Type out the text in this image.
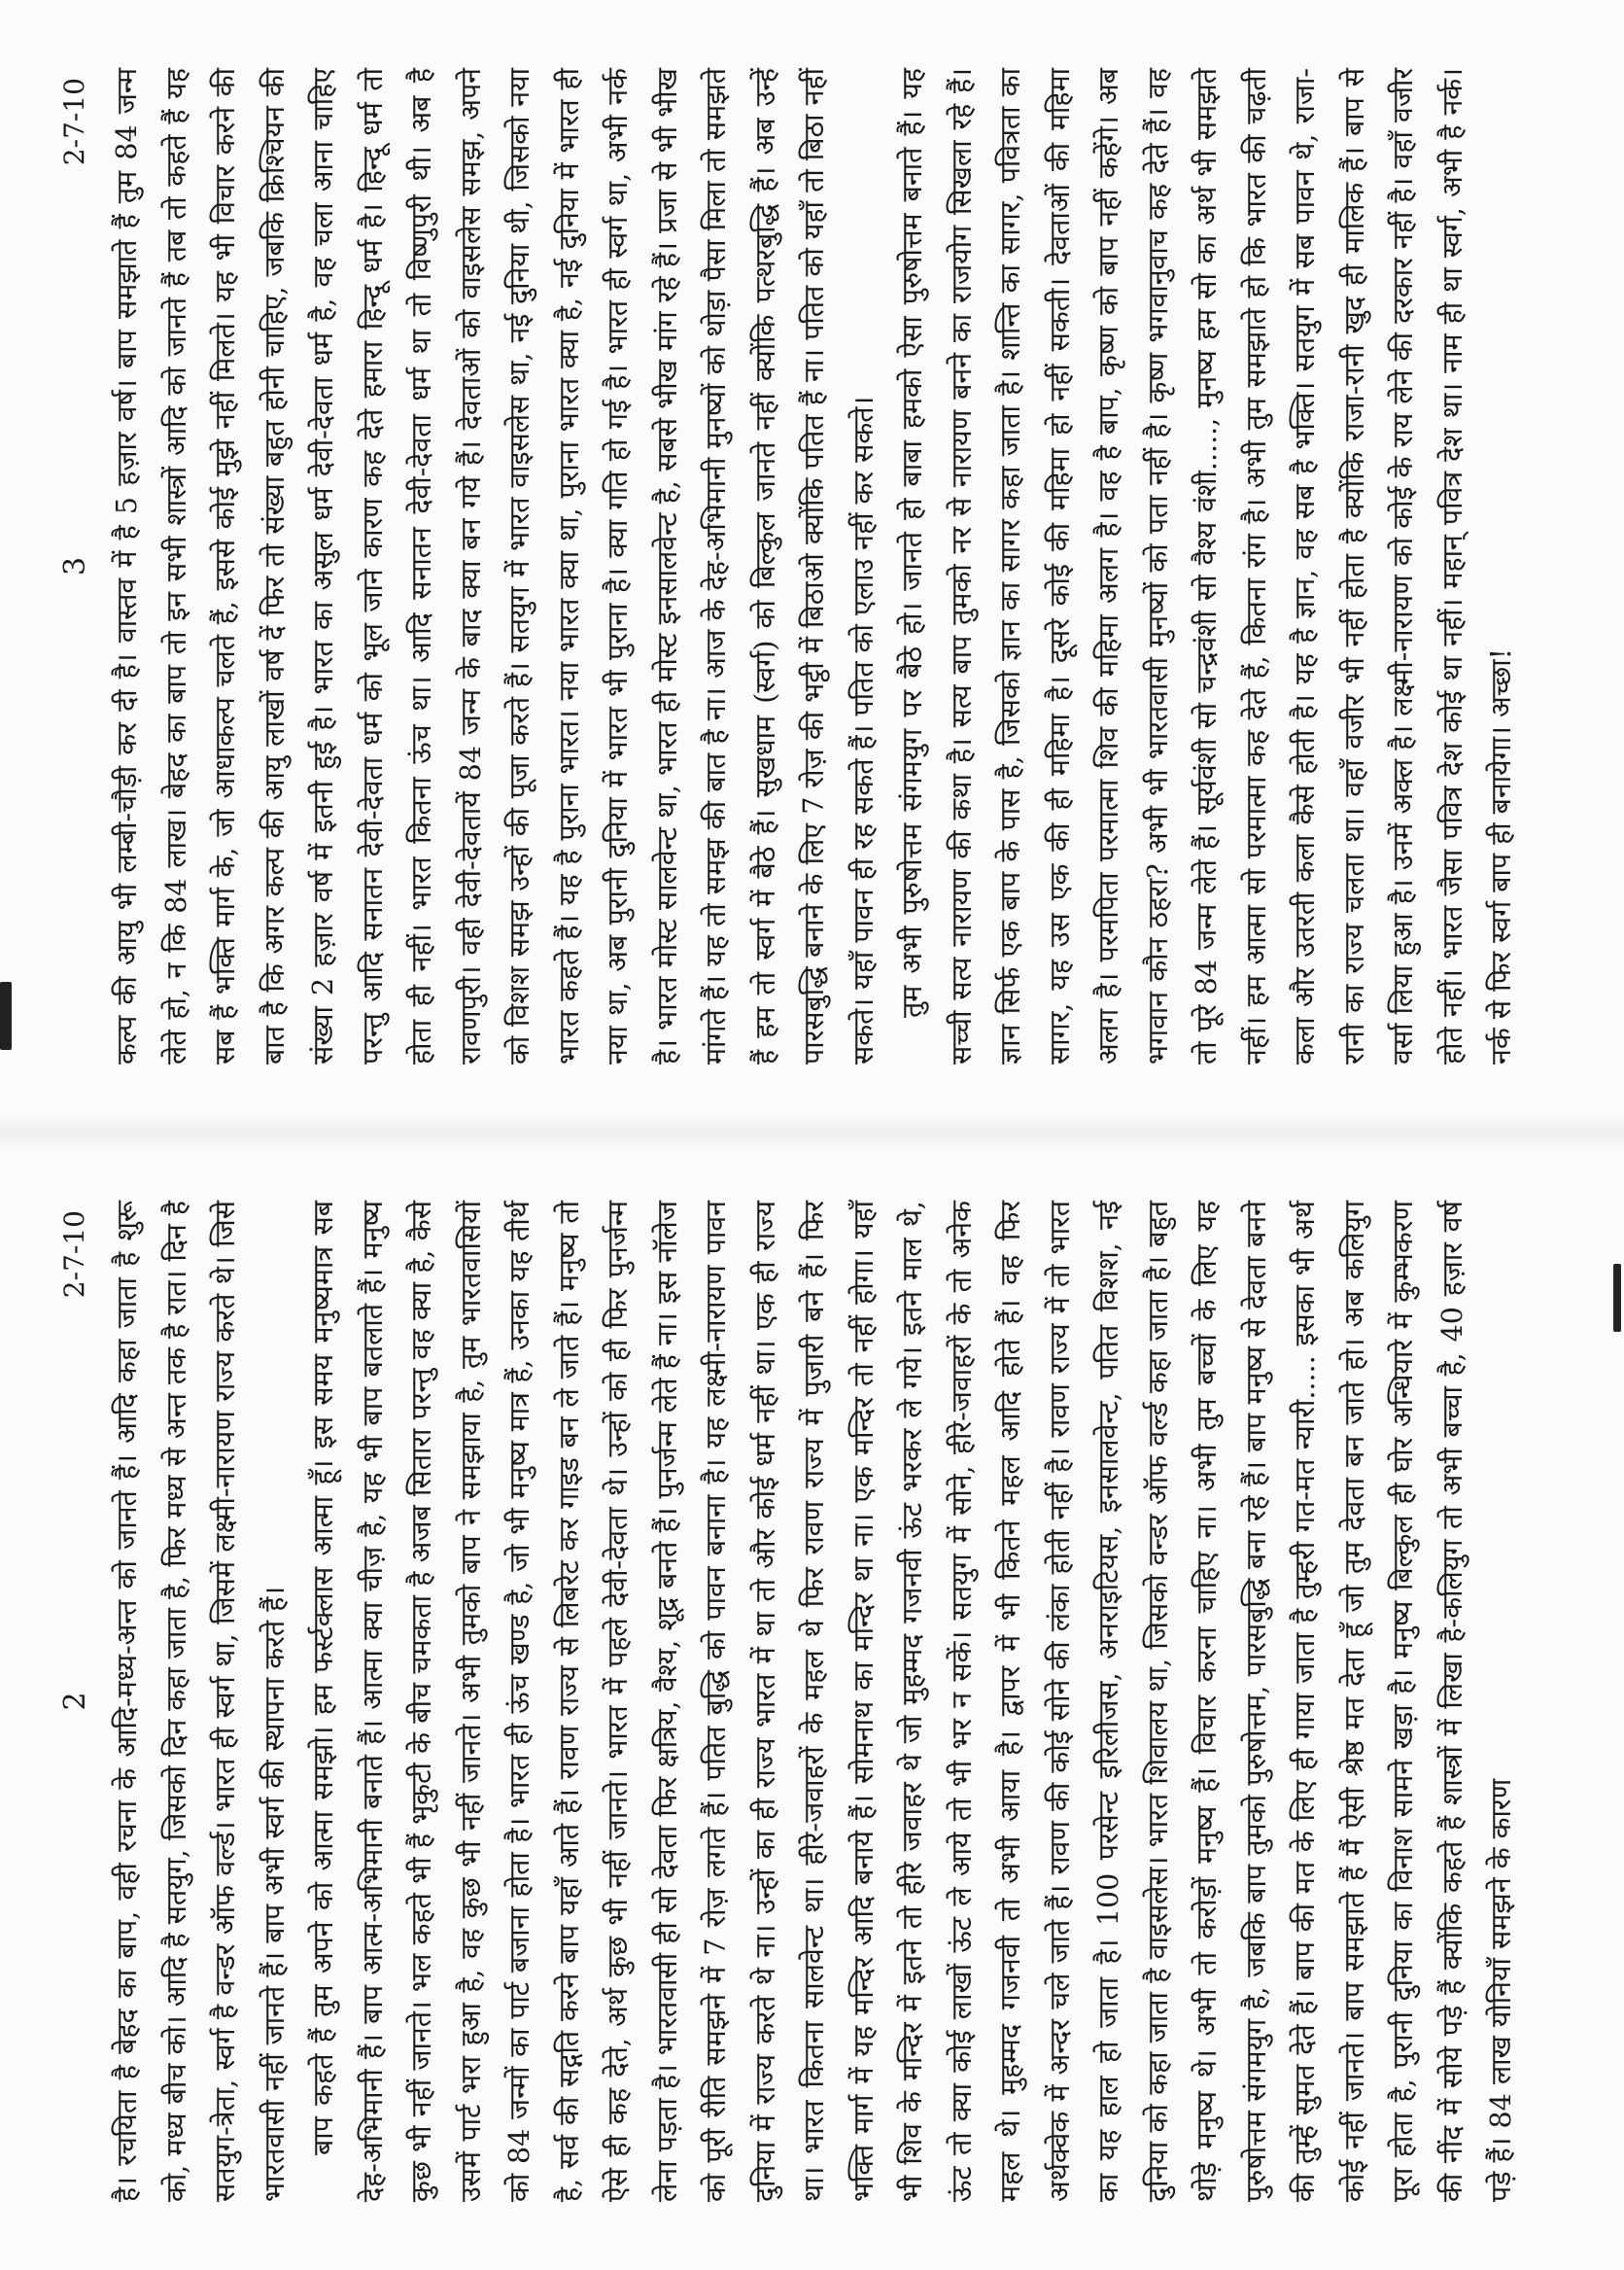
2
2-7-10 है। रचयिता है बेहद का बाप, वही रचना के आदि-मध्य-अन्त को जानते हैं। आदि कहा जाता है शुरू को, मध्य बीच को। आदि है सतयुग, जिसको दिन कहा जाता है, फिर मध्य से अन्त तक है रात। दिन है सतयुग-त्रेता, स्वर्ग है वन्डर ऑफ वर्ल्ड। भारत ही स्वर्ग था, जिसमें लक्ष्मी-नारायण राज्य करते थे। जिसे भारतवासी नहीं जानते हैं। बाप अभी स्वर्ग की स्थापना करते हैं। बाप कहते हैं तुम अपने को आत्मा समझो। हम फर्स्टक्लास आत्मा हूँ। इस समय मनुष्यमात्र सब देह-अभिमानी हैं। बाप आत्म-अभिमानी बनाते हैं। आत्मा क्या चीज़ है, यह भी बाप बतलाते हैं। मनुष्य कुछ भी नहीं जानते। भल कहते भी हैं भृकुटी के बीच चमकता है अजब सितारा परन्तु वह क्या है, कैसे उसमें पार्ट भरा हुआ है, वह कुछ भी नहीं जानते। अभी तुमको बाप ने समझाया है, तुम भारतवासियों को 84 जन्मों का पार्ट बजाना होता है। भारत ही ऊंच खण्ड है, जो भी मनुष्य मात्र हैं, उनका यह तीर्थ है, सर्व की सद्गति करने बाप यहाँ आते हैं। रावण राज्य से लिबरेट कर गाइड बन ले जाते हैं। मनुष्य तो ऐसे ही कह देते, अर्थ कुछ भी नहीं जानते। भारत में पहले देवी-देवता थे। उन्हों को ही फिर पुनर्जन्म लेना पड़ता है। भारतवासी ही सो देवता फिर क्षत्रिय, वैश्य, शूद्र बनते हैं। पुनर्जन्म लेते हैं ना। इस नॉलेज को पूरी रीति समझने में 7 रोज़ लगते हैं। पतित बुद्धि को पावन बनाना है। यह लक्ष्मी-नारायण पावन दुनिया में राज्य करते थे ना। उन्हों का ही राज्य भारत में था तो और कोई धर्म नहीं था। एक ही राज्य था। भारत कितना सालवेन्ट था। हीरे-जवाहरों के महल थे फिर रावण राज्य में पुजारी बने हैं। फिर भक्ति मार्ग में यह मन्दिर आदि बनाये हैं। सोमनाथ का मन्दिर था ना। एक मन्दिर तो नहीं होगा। यहाँ भी शिव के मन्दिर में इतने तो हीरे जवाहर थे जो मुहम्मद गजनवी ऊंट भरकर ले गये। इतने माल थे, ऊंट तो क्या कोई लाखों ऊंट ले आये तो भी भर न सकें। सतयुग में सोने, हीरे-जवाहरों के तो अनेक महल थे। मुहम्मद गजनवी तो अभी आया है। द्वापर में भी कितने महल आदि होते हैं। वह फिर अर्थक्वेक में अन्दर चले जाते हैं। रावण की कोई सोने की लंका होती नहीं है। रावण राज्य में तो भारत का यह हाल हो जाता है। 100 परसेन्ट इरिलीजस, अनराइटियस, इनसालवेन्ट, पतित विशश, नई दुनिया को कहा जाता है वाइसलेस। भारत शिवालय था, जिसको वन्डर ऑफ वर्ल्ड कहा जाता है। बहुत थोड़े मनुष्य थे। अभी तो करोड़ों मनुष्य हैं। विचार करना चाहिए ना। अभी तुम बच्चों के लिए यह पुरुषोत्तम संगमयुग है, जबकि बाप तुमको पुरुषोत्तम, पारसबुद्धि बना रहे हैं। बाप मनुष्य से देवता बनने की तुम्हें सुमत देते हैं। बाप की मत के लिए ही गाया जाता है तुम्हरी गत-मत न्यारी..... इसका भी अर्थ कोई नहीं जानते। बाप समझाते हैं मैं ऐसी श्रेष्ठ मत देता हूँ जो तुम देवता बन जाते हो। अब कलियुग पूरा होता है, पुरानी दुनिया का विनाश सामने खड़ा है। मनुष्य बिल्कुल ही घोर अन्धियारे में कुम्भकरण की नींद में सोये पड़े हैं क्योंकि कहते हैं शास्त्रों में लिखा है-कलियुग तो अभी बच्चा है, 40 हज़ार वर्ष पड़े हैं। 84 लाख योनियाँ समझने के कारण

3
2-7-10 कल्प की आयु भी लम्बी-चौड़ी कर दी है। वास्तव में है 5 हज़ार वर्ष। बाप समझाते हैं तुम 84 जन्म लेते हो, न कि 84 लाख। बेहद का बाप तो इन सभी शास्त्रों आदि को जानते हैं तब तो कहते हैं यह सब हैं भक्ति मार्ग के, जो आधाकल्प चलते हैं, इससे कोई मुझे नहीं मिलते। यह भी विचार करने की बात है कि अगर कल्प की आयु लाखों वर्ष दें फिर तो संख्या बहुत होनी चाहिए, जबकि क्रिश्चियन की संख्या 2 हज़ार वर्ष में इतनी हुई है। भारत का असुल धर्म देवी-देवता धर्म है, वह चला आना चाहिए परन्तु आदि सनातन देवी-देवता धर्म को भूल जाने कारण कह देते हमारा हिन्दू धर्म है। हिन्दू धर्म तो होता ही नहीं। भारत कितना ऊंच था। आदि सनातन देवी-देवता धर्म था तो विष्णुपुरी थी। अब है रावणपुरी। वही देवी-देवतायें 84 जन्म के बाद क्या बन गये हैं। देवताओं को वाइसलेस समझ, अपने को विशश समझ उन्हों की पूजा करते हैं। सतयुग में भारत वाइसलेस था, नई दुनिया थी, जिसको नया भारत कहते हैं। यह है पुराना भारत। नया भारत क्या था, पुराना भारत क्या है, नई दुनिया में भारत ही नया था, अब पुरानी दुनिया में भारत भी पुराना है। क्या गति हो गई है। भारत ही स्वर्ग था, अभी नर्क है। भारत मोस्ट सालवेन्ट था, भारत ही मोस्ट इनसालवेन्ट है, सबसे भीख मांग रहे हैं। प्रजा से भी भीख मांगते हैं। यह तो समझ की बात है ना। आज के देह-अभिमानी मुनष्यों को थोड़ा पैसा मिला तो समझते हैं हम तो स्वर्ग में बैठे हैं। सुखधाम (स्वर्ग) को बिल्कुल जानते नहीं क्योंकि पत्थरबुद्धि हैं। अब उन्हें पारसबुद्धि बनाने के लिए 7 रोज़ की भट्ठी में बिठाओ क्योंकि पतित हैं ना। पतित को यहाँ तो बिठा नहीं सकते। यहाँ पावन ही रह सकते हैं। पतित को एलाउ नहीं कर सकते। तुम अभी पुरुषोत्तम संगमयुग पर बैठे हो। जानते हो बाबा हमको ऐसा पुरुषोत्तम बनाते हैं। यह सच्ची सत्य नारायण की कथा है। सत्य बाप तुमको नर से नारायण बनने का राजयोग सिखला रहे हैं। ज्ञान सिर्फ एक बाप के पास है, जिसको ज्ञान का सागर कहा जाता है। शान्ति का सागर, पवित्रता का सागर, यह उस एक की ही महिमा है। दूसरे कोई की महिमा हो नहीं सकती। देवताओं की महिमा अलग है। परमपिता परमात्मा शिव की महिमा अलग है। वह है बाप, कृष्ण को बाप नहीं कहेंगे। अब भगवान कौन ठहरा? अभी भी भारतवासी मुनष्यों को पता नहीं है। कृष्ण भगवानुवाच कह देते हैं। वह तो पूरे 84 जन्म लेते हैं। सूर्यवंशी सो चन्द्रवंशी सो वैश्य वंशी....., मुनष्य हम सो का अर्थ भी समझते नहीं। हम आत्मा सो परमात्मा कह देते हैं, कितना रांग है। अभी तुम समझाते हो कि भारत की चढ़ती कला और उतरती कला कैसे होती है। यह है ज्ञान, वह सब है भक्ति। सतयुग में सब पावन थे, राजा-रानी का राज्य चलता था। वहाँ वजीर भी नहीं होता है क्योंकि राजा-रानी खुद ही मालिक हैं। बाप से वर्सा लिया हुआ है। उनमें अक्ल है। लक्ष्मी-नारायण को कोई के राय लेने की दरकार नहीं है। वहाँ वजीर होते नहीं। भारत जैसा पवित्र देश कोई था नहीं। महान् पवित्र देश था। नाम ही था स्वर्ग, अभी है नर्क। नर्क से फिर स्वर्ग बाप ही बनायेगा। अच्छा!
